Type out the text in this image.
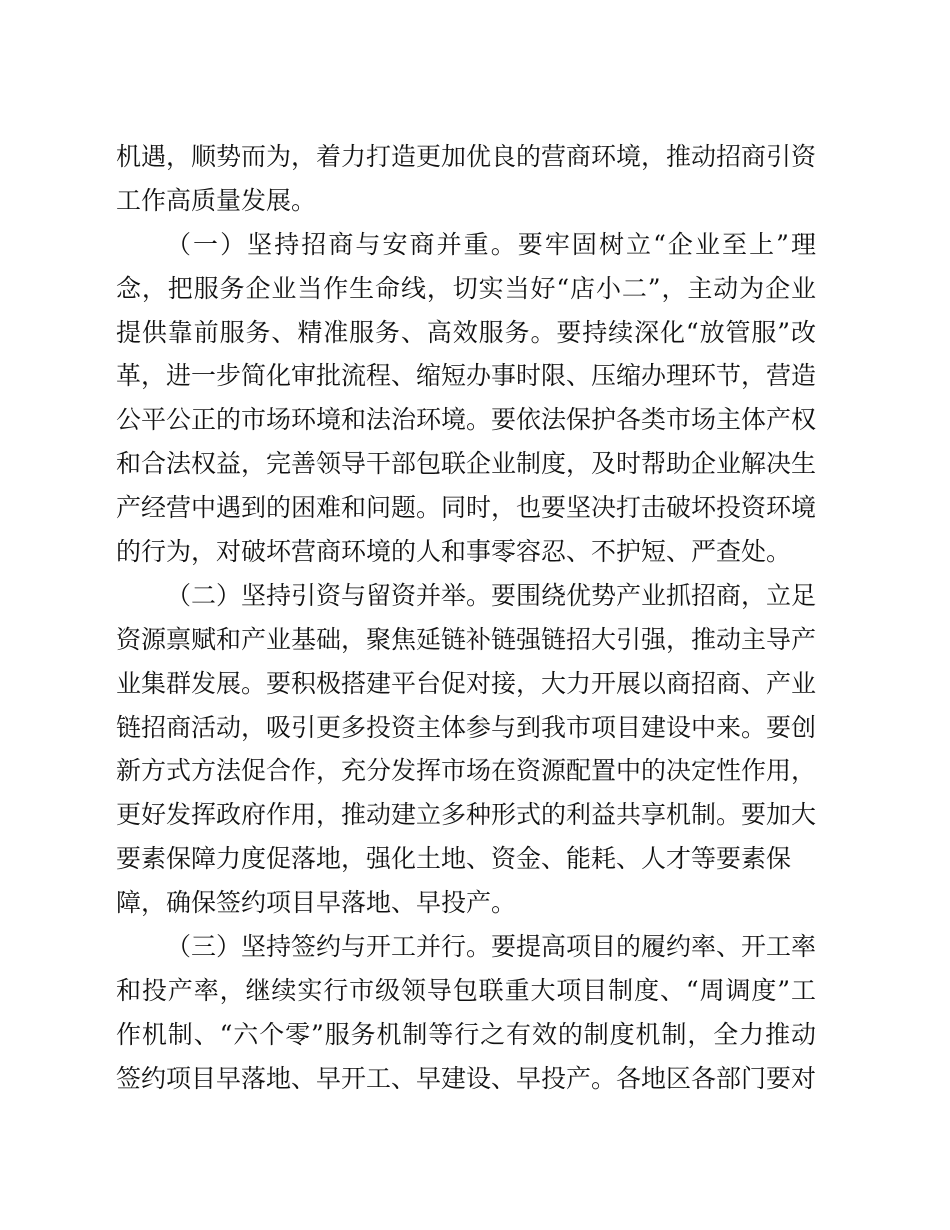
机遇，顺势而为，着力打造更加优良的营商环境，推动招商引资
工作高质量发展。
（一）坚持招商与安商并重。要牢固树立“企业至上”理
念，把服务企业当作生命线，切实当好“店小二”，主动为企业
提供靠前服务、精准服务、高效服务。要持续深化“放管服”改
革，进一步简化审批流程、缩短办事时限、压缩办理环节，营造
公平公正的市场环境和法治环境。要依法保护各类市场主体产权
和合法权益，完善领导干部包联企业制度，及时帮助企业解决生
产经营中遇到的困难和问题。同时，也要坚决打击破坏投资环境
的行为，对破坏营商环境的人和事零容忍、不护短、严查处。
（二）坚持引资与留资并举。要围绕优势产业抓招商，立足
资源禀赋和产业基础，聚焦延链补链强链招大引强，推动主导产
业集群发展。要积极搭建平台促对接，大力开展以商招商、产业
链招商活动，吸引更多投资主体参与到我市项目建设中来。要创
新方式方法促合作，充分发挥市场在资源配置中的决定性作用，
更好发挥政府作用，推动建立多种形式的利益共享机制。要加大
要素保障力度促落地，强化土地、资金、能耗、人才等要素保
障，确保签约项目早落地、早投产。
（三）坚持签约与开工并行。要提高项目的履约率、开工率
和投产率，继续实行市级领导包联重大项目制度、“周调度”工
作机制、“六个零”服务机制等行之有效的制度机制，全力推动
签约项目早落地、早开工、早建设、早投产。各地区各部门要对
